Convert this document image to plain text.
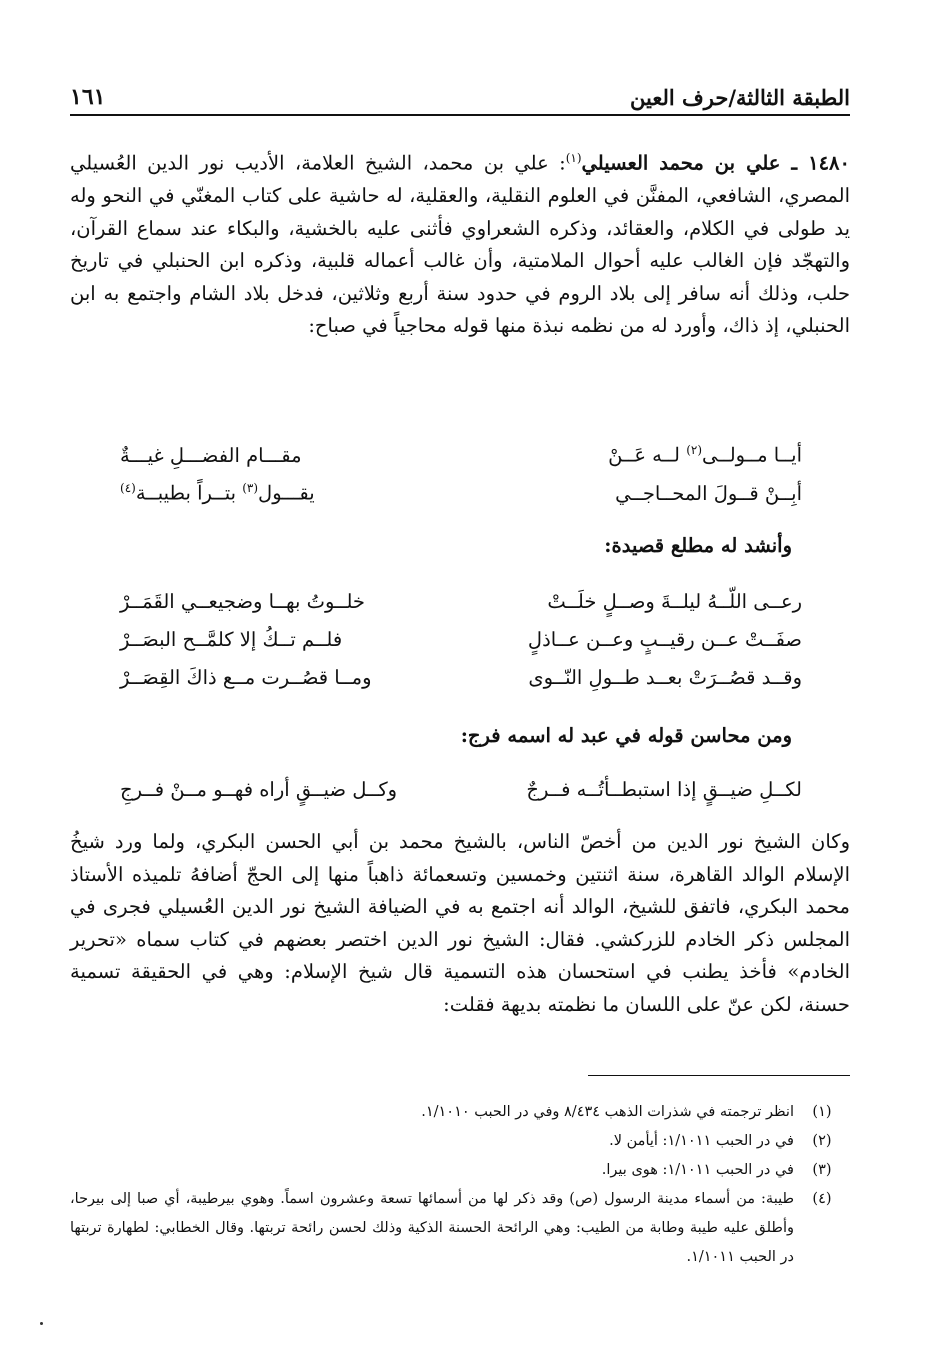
الطبقة الثالثة/حرف العين
١٦١
١٤٨٠ ـ علي بن محمد العسيلي$^{(١)}$: علي بن محمد، الشيخ العلامة، الأديب نور الدين العُسيلي المصري، الشافعي، المفنَّن في العلوم النقلية، والعقلية، له حاشية على كتاب المغنّي في النحو وله يد طولى في الكلام، والعقائد، وذكره الشعراوي فأثنى عليه بالخشية، والبكاء عند سماع القرآن، والتهجّد فإن الغالب عليه أحوال الملامتية، وأن غالب أعماله قلبية، وذكره ابن الحنبلي في تاريخ حلب، وذلك أنه سافر إلى بلاد الروم في حدود سنة أربع وثلاثين، فدخل بلاد الشام واجتمع به ابن الحنبلي، إذ ذاك، وأورد له من نظمه نبذة منها قوله محاجياً في صباح:
أيــا مــولــى$^{(٢)}$ لــه عَــنْ
مقـــام الفضـــلِ غيـــةٌ
أبِــنْ قــولَ المحــاجــي
يقـــول$^{(٣)}$ بتــراً بطيبــة$^{(٤)}$
وأنشد له مطلع قصيدة:
رعــى اللّــهُ ليلــةَ وصــلٍ خلَــتْ
خلــوتُ بهــا وضجيعــي القَمَــرْ
صفَــتْ عــن رقيــبٍ وعــن عــاذلٍ
فلــم تــكُ إلا كلمَّــح البصَــرْ
وقــد قصُــرَتْ بعــد طــولِ النّــوى
ومــا قصُــرت مــع ذاكَ القِصَــرْ
ومن محاسن قوله في عبد له اسمه فرج:
لكــلِ ضيــقٍ إذا استبطــأتُــه فــرجٌ
وكــل ضيــقٍ أراه فهــو مــنْ فــرجِ
وكان الشيخ نور الدين من أخصّ الناس، بالشيخ محمد بن أبي الحسن البكري، ولما ورد شيخُ الإسلام الوالد القاهرة، سنة اثنتين وخمسين وتسعمائة ذاهباً منها إلى الحجّ أضافهُ تلميذه الأستاذ محمد البكري، فاتفق للشيخ، الوالد أنه اجتمع به في الضيافة الشيخ نور الدين العُسيلي فجرى في المجلس ذكر الخادم للزركشي. فقال: الشيخ نور الدين اختصر بعضهم في كتاب سماه «تحرير الخادم» فأخذ يطنب في استحسان هذه التسمية قال شيخ الإسلام: وهي في الحقيقة تسمية حسنة، لكن عنّ على اللسان ما نظمته بديهة فقلت:
(١)
انظر ترجمته في شذرات الذهب ٨/٤٣٤ وفي در الحبب ١/١٠١٠.
(٢)
في در الحبب ١/١٠١١: أيأمن لا.
(٣)
في در الحبب ١/١٠١١: هوى بيرا.
(٤)
طيبة: من أسماء مدينة الرسول (ص) وقد ذكر لها من أسمائها تسعة وعشرون اسماً. وهوي بيرطيبة، أي صبا إلى بيرحا، وأطلق عليه طيبة وطابة من الطيب: وهي الرائحة الحسنة الذكية وذلك لحسن رائحة تربتها. وقال الخطابي: لطهارة تربتها در الحبب ١/١٠١١.
